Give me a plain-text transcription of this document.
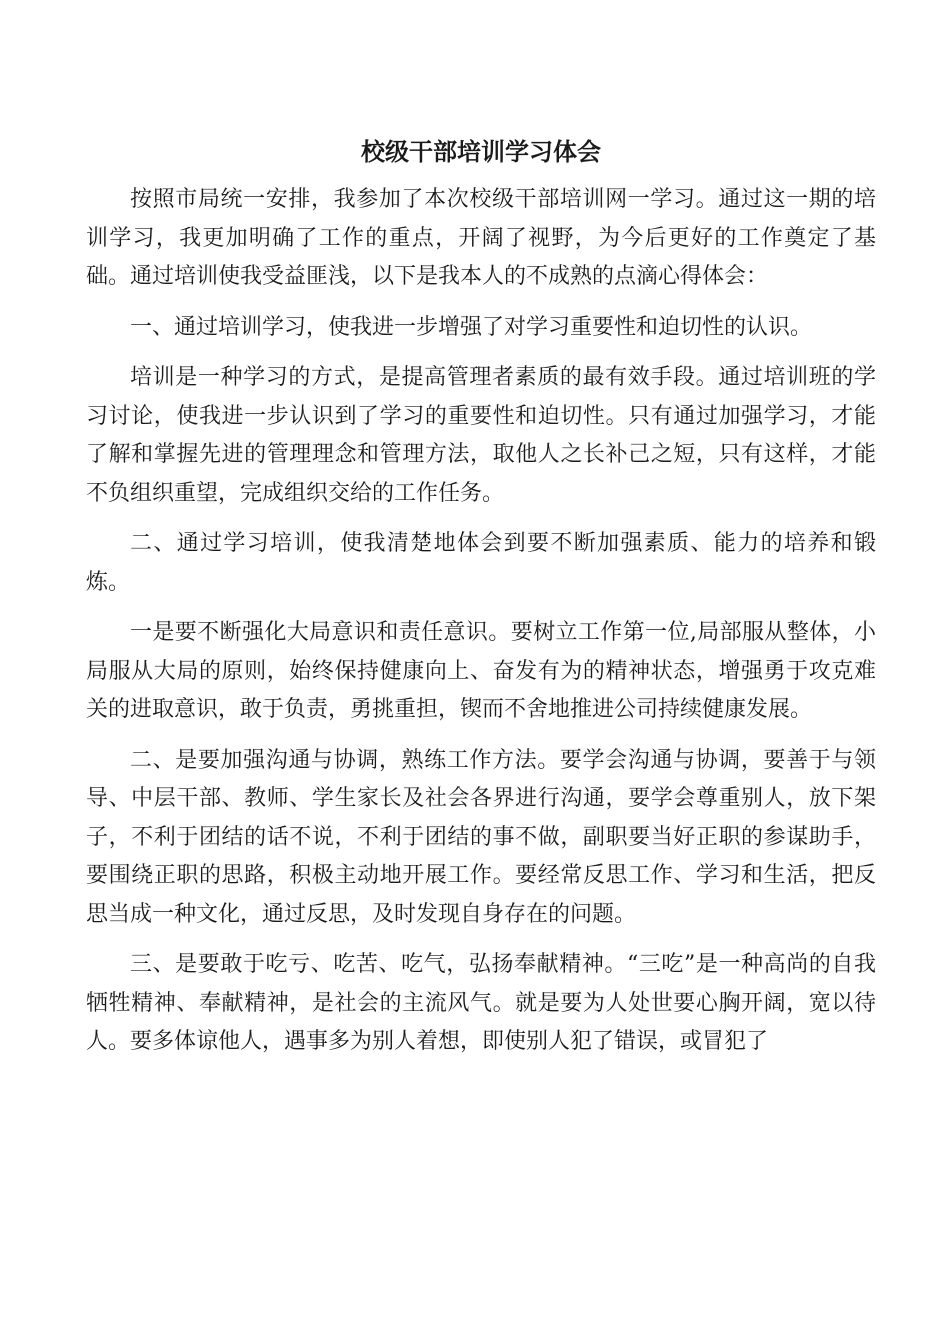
校级干部培训学习体会

按照市局统一安排，我参加了本次校级干部培训网一学习。通过这一期的培训学习，我更加明确了工作的重点，开阔了视野，为今后更好的工作奠定了基础。通过培训使我受益匪浅，以下是我本人的不成熟的点滴心得体会：

一、通过培训学习，使我进一步增强了对学习重要性和迫切性的认识。

培训是一种学习的方式，是提高管理者素质的最有效手段。通过培训班的学习讨论，使我进一步认识到了学习的重要性和迫切性。只有通过加强学习，才能了解和掌握先进的管理理念和管理方法，取他人之长补己之短，只有这样，才能不负组织重望，完成组织交给的工作任务。

二、通过学习培训，使我清楚地体会到要不断加强素质、能力的培养和锻炼。

一是要不断强化大局意识和责任意识。要树立工作第一位,局部服从整体，小局服从大局的原则，始终保持健康向上、奋发有为的精神状态，增强勇于攻克难关的进取意识，敢于负责，勇挑重担，锲而不舍地推进公司持续健康发展。

二、是要加强沟通与协调，熟练工作方法。要学会沟通与协调，要善于与领导、中层干部、教师、学生家长及社会各界进行沟通，要学会尊重别人，放下架子，不利于团结的话不说，不利于团结的事不做，副职要当好正职的参谋助手，要围绕正职的思路，积极主动地开展工作。要经常反思工作、学习和生活，把反思当成一种文化，通过反思，及时发现自身存在的问题。

三、是要敢于吃亏、吃苦、吃气，弘扬奉献精神。“三吃”是一种高尚的自我牺牲精神、奉献精神，是社会的主流风气。就是要为人处世要心胸开阔，宽以待人。要多体谅他人，遇事多为别人着想，即使别人犯了错误，或冒犯了
